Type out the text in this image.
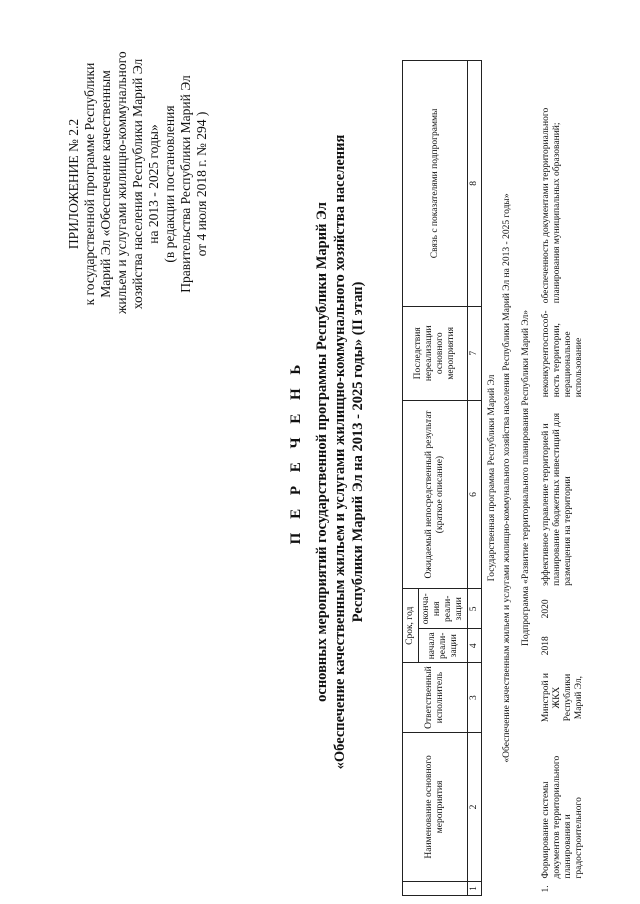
ПРИЛОЖЕНИЕ № 2.2 к государственной программе Республики Марий Эл «Обеспечение качественным жильем и услугами жилищно-коммунального хозяйства населения Республики Марий Эл на 2013 - 2025 годы» (в редакции постановления Правительства Республики Марий Эл от 4 июля 2018 г. № 294 )
П Е Р Е Ч Е Н Ь основных мероприятий государственной программы Республики Марий Эл «Обеспечение качественным жильем и услугами жилищно-коммунального хозяйства населения Республики Марий Эл на 2013 - 2025 годы» (II этап)
	Наименование основного мероприятия	Ответственный исполнитель	Срок, год		Ожидаемый непосредственный результат (краткое описание)	Последствия нереализации основного мероприятия	Связь с показателями подпрограммы
			начала реали-зации	оконча-ния реали-зации			
1	2	3	4	5	6	7	8
Государственная программа Республики Марий Эл							
«Обеспечение качественным жильем и услугами жилищно-коммунального хозяйства населения Республики Марий Эл на 2013 - 2025 годы»							
Подпрограмма «Развитие территориального планирования Республики Марий Эл»							
1.	Формирование системы документов территориального планирования и градостроительного	Минстрой и ЖКХ Республики Марий Эл,	2018	2020	эффективное управление территорией и планирование бюджетных инвестиций для размещения на территории	неконкурентоспособ-ность территории, нерациональное использование	обеспеченность документами территориального планирования муниципальных образований;
